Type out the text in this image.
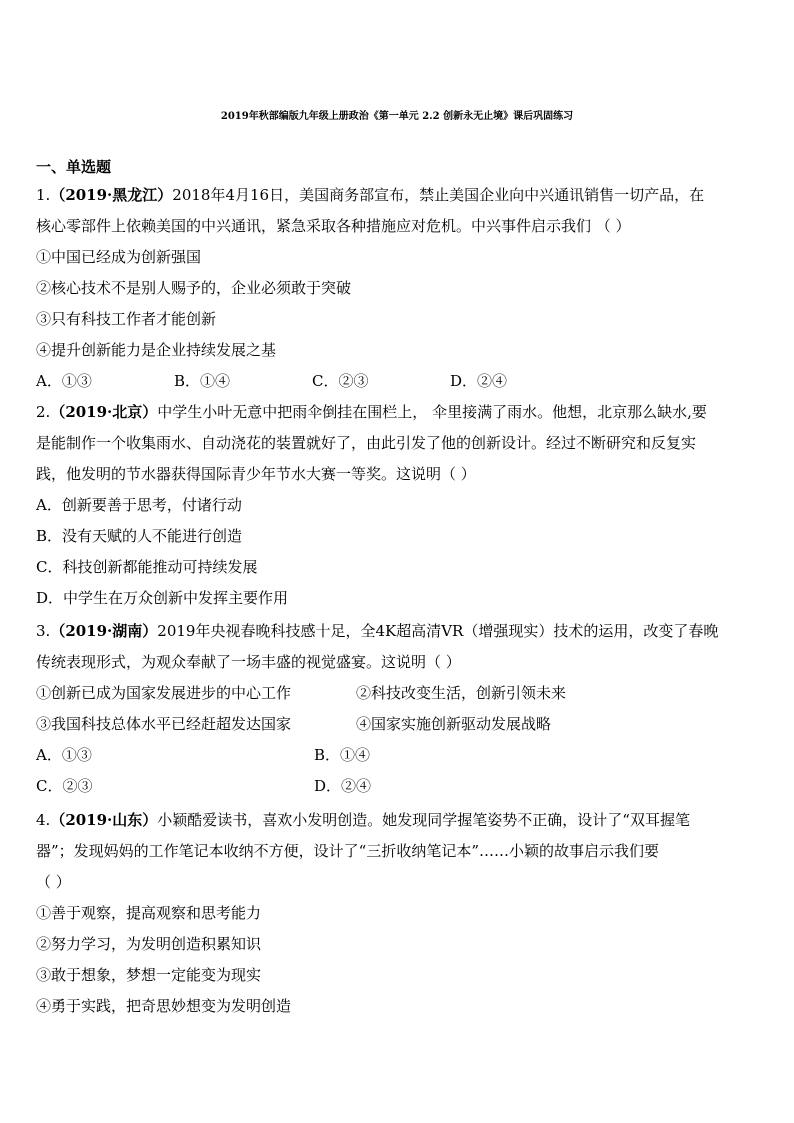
2019年秋部编版九年级上册政治《第一单元 2.2 创新永无止境》课后巩固练习
一、单选题
1.（2019·黑龙江）2018年4月16日，美国商务部宣布，禁止美国企业向中兴通讯销售一切产品，在
核心零部件上依赖美国的中兴通讯，紧急采取各种措施应对危机。中兴事件启示我们 （ ）
①中国已经成为创新强国
②核心技术不是别人赐予的，企业必须敢于突破
③只有科技工作者才能创新
④提升创新能力是企业持续发展之基
A．①③	B．①④	C．②③	D．②④
2.（2019·北京）中学生小叶无意中把雨伞倒挂在围栏上， 伞里接满了雨水。他想，北京那么缺水,要
是能制作一个收集雨水、自动浇花的装置就好了，由此引发了他的创新设计。经过不断研究和反复实
践，他发明的节水器获得国际青少年节水大赛一等奖。这说明（ ）
A．创新要善于思考，付诸行动
B．没有天赋的人不能进行创造
C．科技创新都能推动可持续发展
D．中学生在万众创新中发挥主要作用
3.（2019·湖南）2019年央视春晚科技感十足，全4K超高清VR（增强现实）技术的运用，改变了春晚
传统表现形式，为观众奉献了一场丰盛的视觉盛宴。这说明（ ）
①创新已成为国家发展进步的中心工作	②科技改变生活，创新引领未来
③我国科技总体水平已经赶超发达国家	④国家实施创新驱动发展战略
A．①③	B．①④
C．②③	D．②④
4.（2019·山东）小颖酷爱读书，喜欢小发明创造。她发现同学握笔姿势不正确，设计了“双耳握笔
器”；发现妈妈的工作笔记本收纳不方便，设计了“三折收纳笔记本”……小颖的故事启示我们要
（ ）
①善于观察，提高观察和思考能力
②努力学习，为发明创造积累知识
③敢于想象，梦想一定能变为现实
④勇于实践，把奇思妙想变为发明创造
